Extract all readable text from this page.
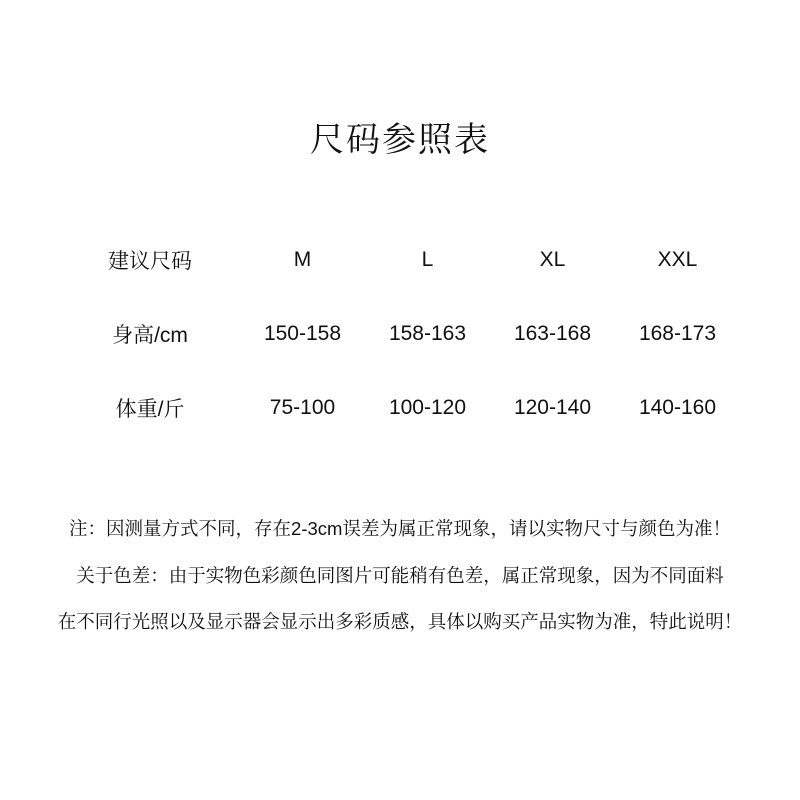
尺码参照表
建议尺码	M	L	XL	XXL
身高/cm	150-158	158-163	163-168	168-173
体重/斤	75-100	100-120	120-140	140-160

注：因测量方式不同，存在2-3cm误差为属正常现象，请以实物尺寸与颜色为准！

关于色差：由于实物色彩颜色同图片可能稍有色差，属正常现象，因为不同面料

在不同行光照以及显示器会显示出多彩质感，具体以购买产品实物为准，特此说明！
